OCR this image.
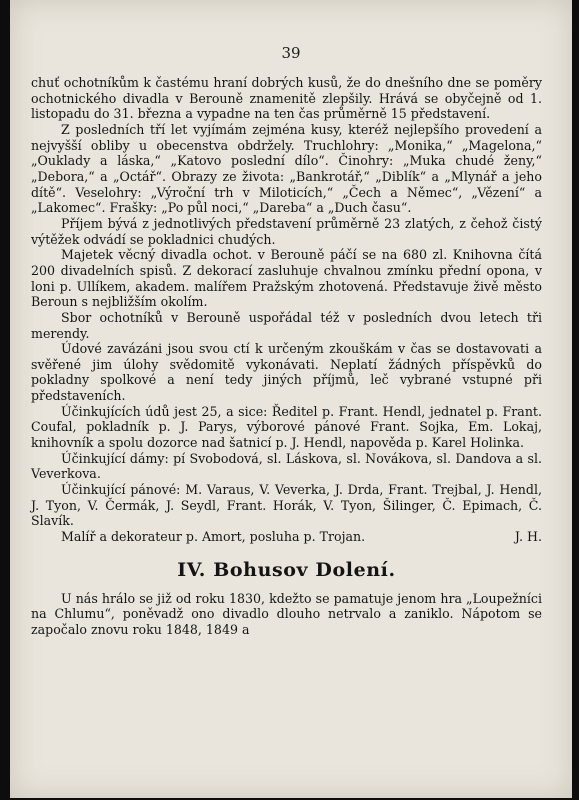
39

chuť ochotníkům k častému hraní dobrých kusů, že do dnešního dne se poměry ochotnického divadla v Berouně znamenitě zlepšily. Hrává se obyčejně od 1. listopadu do 31. března a vypadne na ten čas průměrně 15 představení.

Z posledních tří let vyjímám zejména kusy, kteréž nejlepšího provedení a nejvyšší obliby u obecenstva obdržely. Truchlohry: „Monika,“ „Magelona,“ „Ouklady a láska,“ „Katovo poslední dílo“. Činohry: „Muka chudé ženy,“ „Debora,“ a „Octář“. Obrazy ze života: „Bankrotář,“ „Diblík“ a „Mlynář a jeho dítě“. Veselohry: „Výroční trh v Miloticích,“ „Čech a Němec“, „Vězení“ a „Lakomec“. Frašky: „Po půl noci,“ „Dareba“ a „Duch času“.

Příjem bývá z jednotlivých představení průměrně 23 zlatých, z čehož čistý výtěžek odvádí se pokladnici chudých.

Majetek věcný divadla ochot. v Berouně páčí se na 680 zl. Knihovna čítá 200 divadelních spisů. Z dekorací zasluhuje chvalnou zmínku přední opona, v loni p. Ullíkem, akadem. malířem Pražským zhotovená. Představuje živě město Beroun s nejbližším okolím.

Sbor ochotníků v Berouně uspořádal též v posledních dvou letech tři merendy.

Údové zavázáni jsou svou ctí k určeným zkouškám v čas se dostavovati a svěřené jim úlohy svědomitě vykonávati. Neplatí žádných příspěvků do pokladny spolkové a není tedy jiných příjmů, leč vybrané vstupné při představeních.

Účinkujících údů jest 25, a sice: Ředitel p. Frant. Hendl, jednatel p. Frant. Coufal, pokladník p. J. Parys, výborové pánové Frant. Sojka, Em. Lokaj, knihovník a spolu dozorce nad šatnicí p. J. Hendl, napověda p. Karel Holinka.

Účinkující dámy: pí Svobodová, sl. Láskova, sl. Novákova, sl. Dandova a sl. Veverkova.

Účinkující pánové: M. Varaus, V. Veverka, J. Drda, Frant. Trejbal, J. Hendl, J. Tyon, V. Čermák, J. Seydl, Frant. Horák, V. Tyon, Šilinger, Č. Epimach, Č. Slavík.

Malíř a dekorateur p. Amort, posluha p. Trojan.	J. H.

IV. Bohusov Dolení.

U nás hrálo se již od roku 1830, kdežto se pamatuje jenom hra „Loupežníci na Chlumu“, poněvadž ono divadlo dlouho netrvalo a zaniklo. Nápotom se započalo znovu roku 1848, 1849 a
